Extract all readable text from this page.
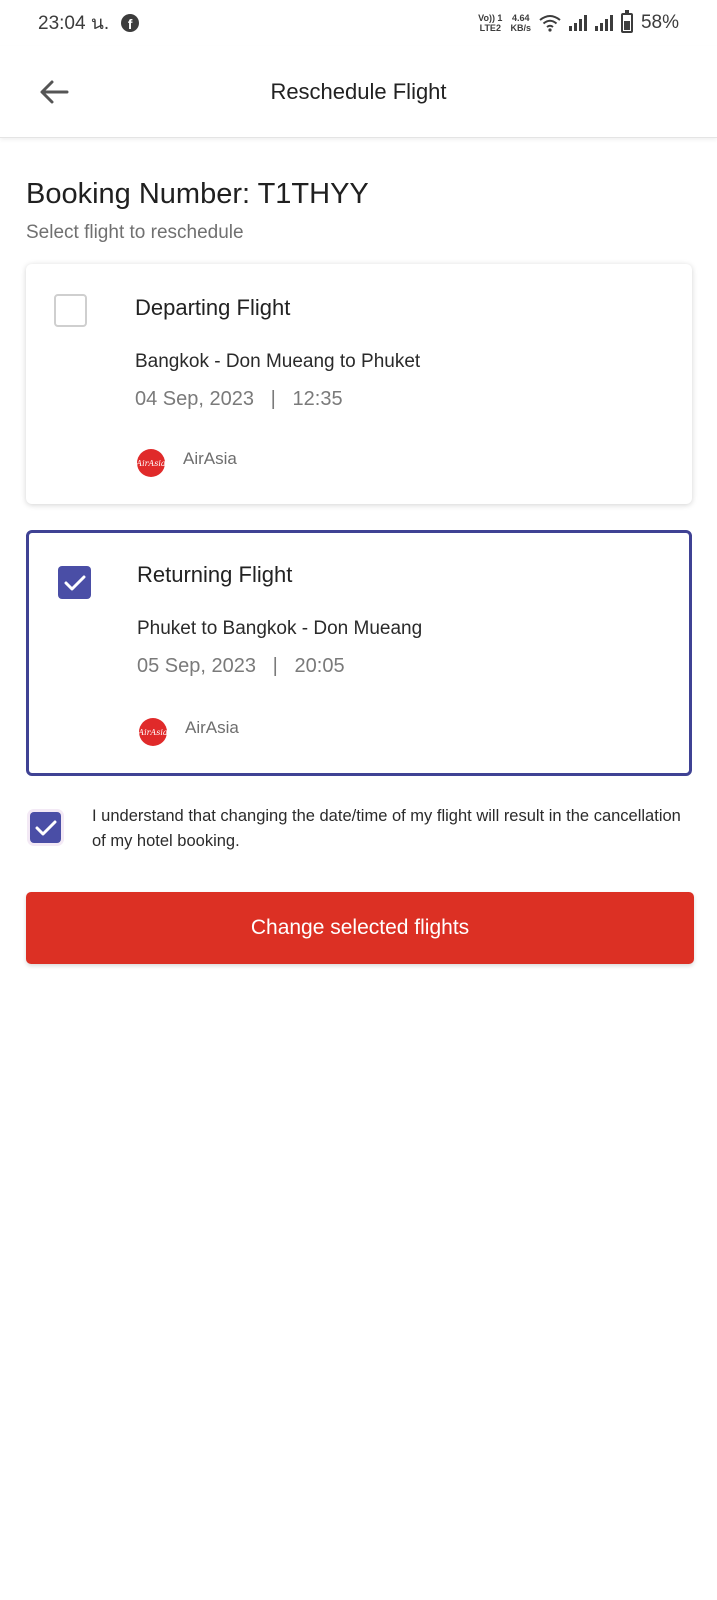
23:04 น.	f	Vo)) 1
LTE2
4.64
KB/s	58%
Reschedule Flight
Booking Number: T1THYY
Select flight to reschedule
Departing Flight
Bangkok - Don Mueang to Phuket
04 Sep, 2023   |   12:35
AirAsia AirAsia
Returning Flight
Phuket to Bangkok - Don Mueang
05 Sep, 2023   |   20:05
AirAsia AirAsia
I understand that changing the date/time of my flight will result in the cancellation of my hotel booking.
Change selected flights
